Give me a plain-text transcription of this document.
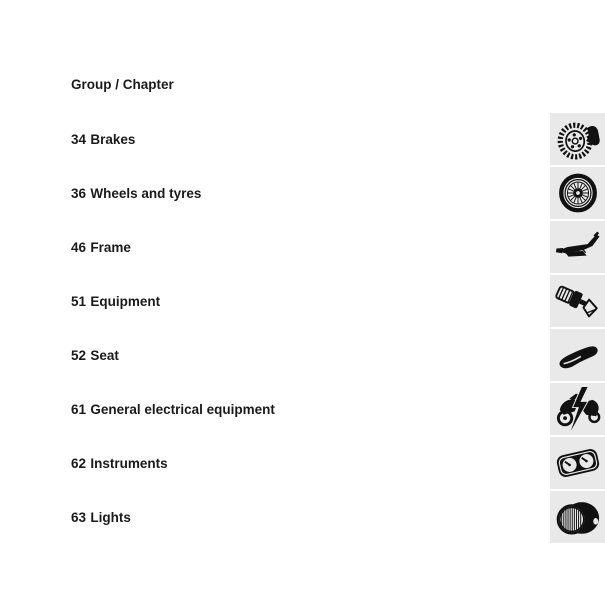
Group / Chapter
34 Brakes
36 Wheels and tyres
46 Frame
51 Equipment
52 Seat
61 General electrical equipment
62 Instruments
63 Lights
